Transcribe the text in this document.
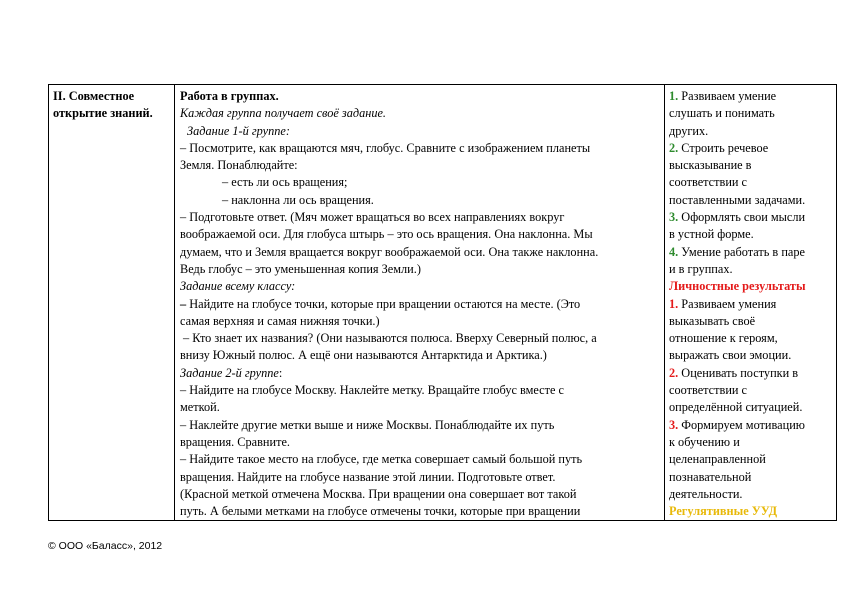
II. Совместное
открытие знаний.
Работа в группах.
Каждая группа получает своё задание.
Задание 1-й группе:
– Посмотрите, как вращаются мяч, глобус. Сравните с изображением планеты
Земля. Понаблюдайте:
– есть ли ось вращения;
– наклонна ли ось вращения.
– Подготовьте ответ. (Мяч может вращаться во всех направлениях вокруг
воображаемой оси. Для глобуса штырь – это ось вращения. Она наклонна. Мы
думаем, что и Земля вращается вокруг воображаемой оси. Она также наклонна.
Ведь глобус – это уменьшенная копия Земли.)
Задание всему классу:
– Найдите на глобусе точки, которые при вращении остаются на месте. (Это
самая верхняя и самая нижняя точки.)
– Кто знает их названия? (Они называются полюса. Вверху Северный полюс, а
внизу Южный полюс. А ещё они называются Антарктида и Арктика.)
Задание 2-й группе:
– Найдите на глобусе Москву. Наклейте метку. Вращайте глобус вместе с
меткой.
– Наклейте другие метки выше и ниже Москвы. Понаблюдайте их путь
вращения. Сравните.
– Найдите такое место на глобусе, где метка совершает самый большой путь
вращения. Найдите на глобусе название этой линии. Подготовьте ответ.
(Красной меткой отмечена Москва. При вращении она совершает вот такой
путь. А белыми метками на глобусе отмечены точки, которые при вращении
1. Развиваем умение
слушать и понимать
других.
2. Строить речевое
высказывание в
соответствии с
поставленными задачами.
3. Оформлять свои мысли
в устной форме.
4. Умение работать в паре
и в группах.
Личностные результаты
1. Развиваем умения
выказывать своё
отношение к героям,
выражать свои эмоции.
2. Оценивать поступки в
соответствии с
определённой ситуацией.
3. Формируем мотивацию
к обучению и
целенаправленной
познавательной
деятельности.
Регулятивные УУД
© ООО «Баласс», 2012
